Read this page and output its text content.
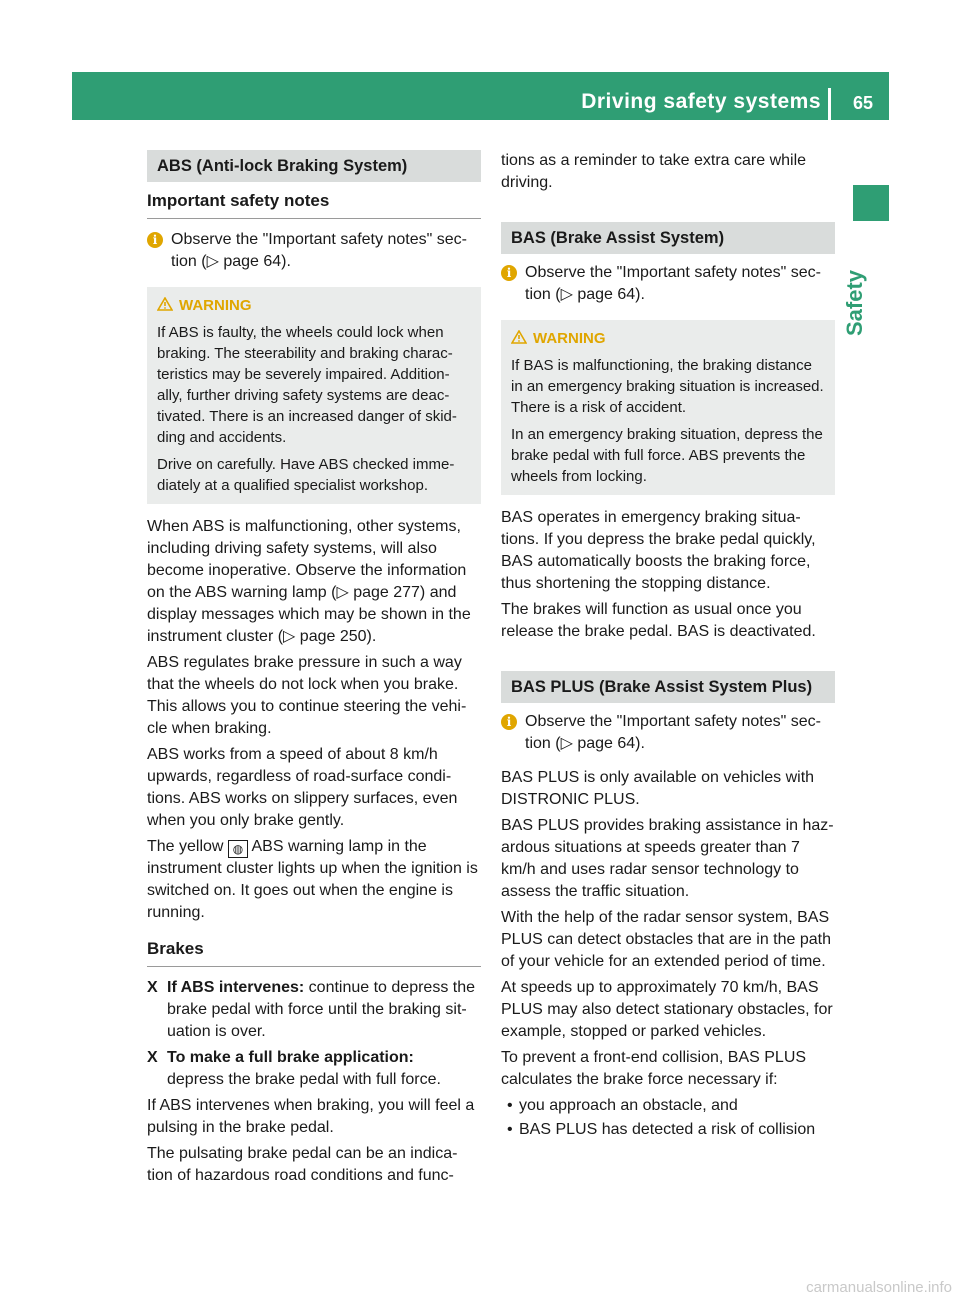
Driving safety systems 65
Safety
ABS (Anti-lock Braking System)
Important safety notes
i Observe the "Important safety notes" sec- tion (▷ page 64).
WARNING

If ABS is faulty, the wheels could lock when braking. The steerability and braking charac- teristics may be severely impaired. Addition- ally, further driving safety systems are deac- tivated. There is an increased danger of skid- ding and accidents.

Drive on carefully. Have ABS checked imme- diately at a qualified specialist workshop.

When ABS is malfunctioning, other systems, including driving safety systems, will also become inoperative. Observe the information on the ABS warning lamp (▷ page 277) and display messages which may be shown in the instrument cluster (▷ page 250).

ABS regulates brake pressure in such a way that the wheels do not lock when you brake. This allows you to continue steering the vehi- cle when braking.

ABS works from a speed of about 8 km/h upwards, regardless of road-surface condi- tions. ABS works on slippery surfaces, even when you only brake gently.

The yellow ◍ ABS warning lamp in the instrument cluster lights up when the ignition is switched on. It goes out when the engine is running.

Brakes
X If ABS intervenes: continue to depress the brake pedal with force until the braking sit- uation is over.
X To make a full brake application:
depress the brake pedal with full force.

If ABS intervenes when braking, you will feel a pulsing in the brake pedal.

The pulsating brake pedal can be an indica- tion of hazardous road conditions and func-

tions as a reminder to take extra care while driving.

BAS (Brake Assist System)
i Observe the "Important safety notes" sec- tion (▷ page 64).
WARNING

If BAS is malfunctioning, the braking distance in an emergency braking situation is increased. There is a risk of accident.

In an emergency braking situation, depress the brake pedal with full force. ABS prevents the wheels from locking.

BAS operates in emergency braking situa- tions. If you depress the brake pedal quickly, BAS automatically boosts the braking force, thus shortening the stopping distance.

The brakes will function as usual once you release the brake pedal. BAS is deactivated.

BAS PLUS (Brake Assist System Plus)
i Observe the "Important safety notes" sec- tion (▷ page 64).

BAS PLUS is only available on vehicles with DISTRONIC PLUS.

BAS PLUS provides braking assistance in haz- ardous situations at speeds greater than 7 km/h and uses radar sensor technology to assess the traffic situation.

With the help of the radar sensor system, BAS PLUS can detect obstacles that are in the path of your vehicle for an extended period of time.

At speeds up to approximately 70 km/h, BAS PLUS may also detect stationary obstacles, for example, stopped or parked vehicles.

To prevent a front-end collision, BAS PLUS calculates the brake force necessary if:

• you approach an obstacle, and
• BAS PLUS has detected a risk of collision
carmanualsonline.info
